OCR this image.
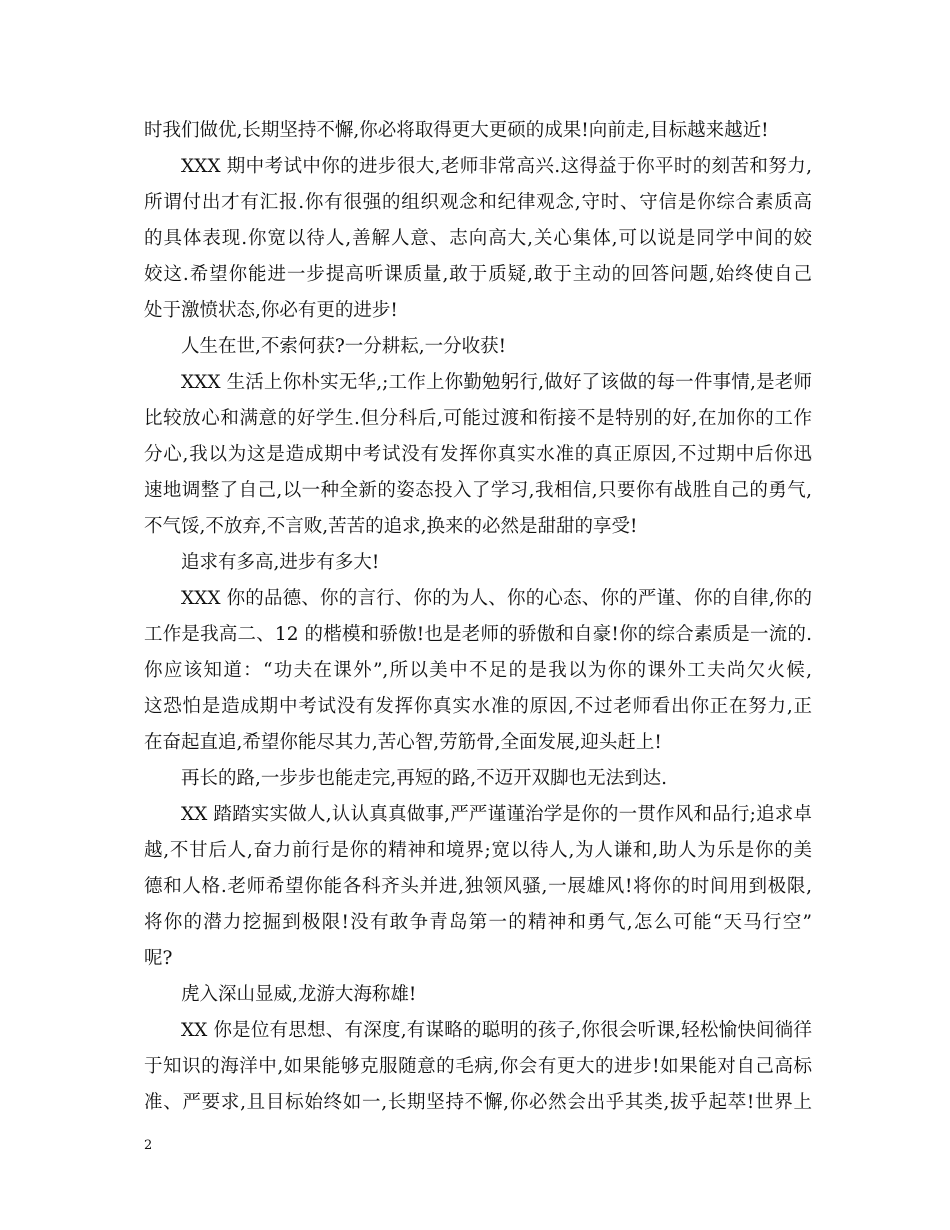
时我们做优,长期坚持不懈,你必将取得更大更硕的成果!向前走,目标越来越近!
XXX 期中考试中你的进步很大,老师非常高兴.这得益于你平时的刻苦和努力,
所谓付出才有汇报.你有很强的组织观念和纪律观念,守时、守信是你综合素质高
的具体表现.你宽以待人,善解人意、志向高大,关心集体,可以说是同学中间的姣
姣这.希望你能进一步提高听课质量,敢于质疑,敢于主动的回答问题,始终使自己
处于激愤状态,你必有更的进步!
人生在世,不索何获?一分耕耘,一分收获!
XXX 生活上你朴实无华,;工作上你勤勉躬行,做好了该做的每一件事情,是老师
比较放心和满意的好学生.但分科后,可能过渡和衔接不是特别的好,在加你的工作
分心,我以为这是造成期中考试没有发挥你真实水准的真正原因,不过期中后你迅
速地调整了自己,以一种全新的姿态投入了学习,我相信,只要你有战胜自己的勇气,
不气馁,不放弃,不言败,苦苦的追求,换来的必然是甜甜的享受!
追求有多高,进步有多大!
XXX 你的品德、你的言行、你的为人、你的心态、你的严谨、你的自律,你的
工作是我高二、12 的楷模和骄傲!也是老师的骄傲和自豪!你的综合素质是一流的.
你应该知道：“功夫在课外”,所以美中不足的是我以为你的课外工夫尚欠火候,
这恐怕是造成期中考试没有发挥你真实水准的原因,不过老师看出你正在努力,正
在奋起直追,希望你能尽其力,苦心智,劳筋骨,全面发展,迎头赶上!
再长的路,一步步也能走完,再短的路,不迈开双脚也无法到达.
XX 踏踏实实做人,认认真真做事,严严谨谨治学是你的一贯作风和品行;追求卓
越,不甘后人,奋力前行是你的精神和境界;宽以待人,为人谦和,助人为乐是你的美
德和人格.老师希望你能各科齐头并进,独领风骚,一展雄风!将你的时间用到极限,
将你的潜力挖掘到极限!没有敢争青岛第一的精神和勇气,怎么可能“天马行空”
呢?
虎入深山显威,龙游大海称雄!
XX 你是位有思想、有深度,有谋略的聪明的孩子,你很会听课,轻松愉快间徜徉
于知识的海洋中,如果能够克服随意的毛病,你会有更大的进步!如果能对自己高标
准、严要求,且目标始终如一,长期坚持不懈,你必然会出乎其类,拔乎起萃!世界上
2
